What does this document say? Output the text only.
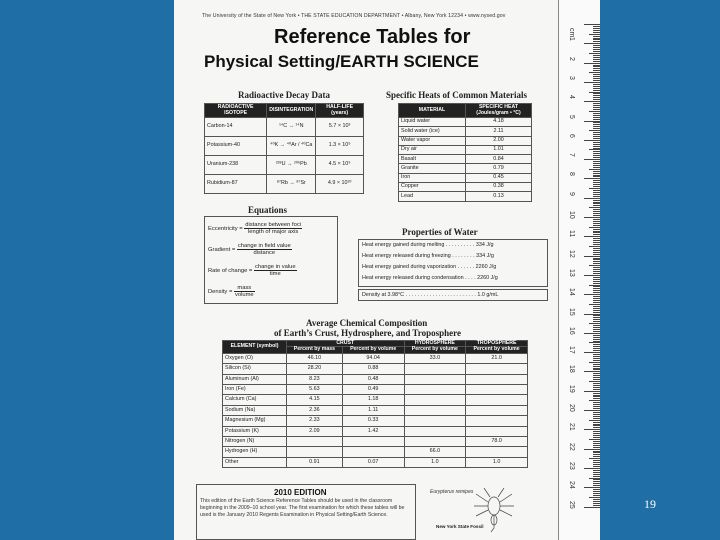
The University of the State of New York • THE STATE EDUCATION DEPARTMENT • Albany, New York 12234 • www.nysed.gov
Reference Tables for
Physical Setting/EARTH SCIENCE
Radioactive Decay Data
RADIOACTIVE ISOTOPE	DISINTEGRATION	HALF-LIFE (years)
Carbon-14	¹⁴C → ¹⁴N	5.7 × 10³
Potassium-40	⁴⁰K → ⁴⁰Ar / ⁴⁰Ca	1.3 × 10⁹
Uranium-238	²³⁸U → ²⁰⁶Pb	4.5 × 10⁹
Rubidium-87	⁸⁷Rb → ⁸⁷Sr	4.9 × 10¹⁰
Specific Heats of Common Materials
MATERIAL	SPECIFIC HEAT (Joules/gram • °C)
Liquid water	4.18
Solid water (ice)	2.11
Water vapor	2.00
Dry air	1.01
Basalt	0.84
Granite	0.79
Iron	0.45
Copper	0.38
Lead	0.13
Equations
Eccentricity = $\frac{\text{distance between foci}}{\text{length of major axis}}$
Gradient = $\frac{\text{change in field value}}{\text{distance}}$
Rate of change = $\frac{\text{change in value}}{\text{time}}$
Density = $\frac{\text{mass}}{\text{volume}}$
Properties of Water
Heat energy gained during melting . . . . . . . . . . 334 J/g
Heat energy released during freezing . . . . . . . . 334 J/g
Heat energy gained during vaporization . . . . . . 2260 J/g
Heat energy released during condensation . . . . 2260 J/g
Density at 3.98°C . . . . . . . . . . . . . . . . . . . . . . . . 1.0 g/mL
Average Chemical Composition
of Earth’s Crust, Hydrosphere, and Troposphere
ELEMENT (symbol)	CRUST		HYDROSPHERE	TROPOSPHERE
	Percent by mass	Percent by volume	Percent by volume	Percent by volume
Oxygen (O)	46.10	94.04	33.0	21.0
Silicon (Si)	28.20	0.88		
Aluminum (Al)	8.23	0.48		
Iron (Fe)	5.63	0.49		
Calcium (Ca)	4.15	1.18		
Sodium (Na)	2.36	1.11		
Magnesium (Mg)	2.33	0.33		
Potassium (K)	2.09	1.42		
Nitrogen (N)				78.0
Hydrogen (H)			66.0	
Other	0.91	0.07	1.0	1.0
2010 EDITION
This edition of the Earth Science Reference Tables should be used in the classroom beginning in the 2009–10 school year. The first examination for which these tables will be used is the January 2010 Regents Examination in Physical Setting/Earth Science.
Eurypterus remipes
New York State Fossil
cm
1
2
3
4
5
6
7
8
9
10
11
12
13
14
15
16
17
18
19
20
21
22
23
24
25	19
